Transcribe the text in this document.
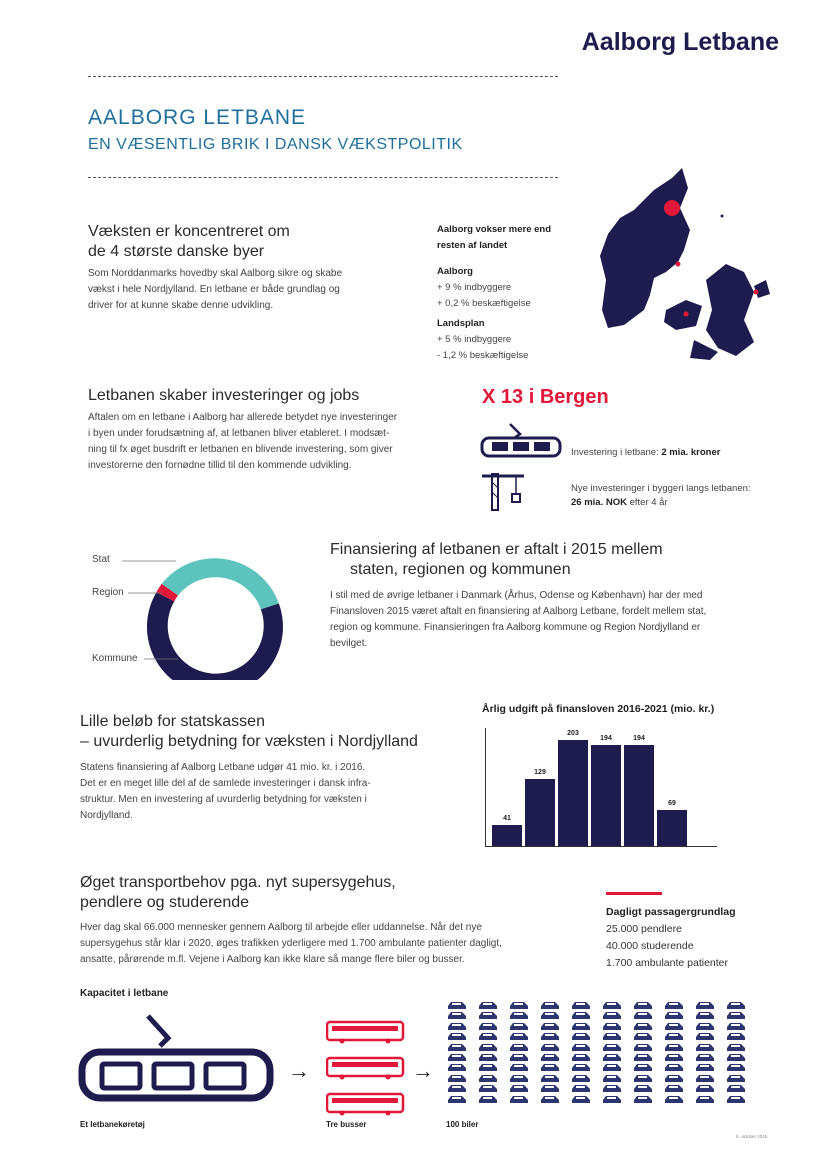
Aalborg Letbane
AALBORG LETBANE
EN VÆSENTLIG BRIK I DANSK VÆKSTPOLITIK
Væksten er koncentreret om
de 4 største danske byer
Som Norddanmarks hovedby skal Aalborg sikre og skabe
vækst i hele Nordjylland. En letbane er både grundlag og
driver for at kunne skabe denne udvikling.
Aalborg vokser mere end
resten af landet
Aalborg
+ 9 % indbyggere
+ 0,2 % beskæftigelse
Landsplan
+ 5 % indbyggere
- 1,2 % beskæftigelse
Letbanen skaber investeringer og jobs
Aftalen om en letbane i Aalborg har allerede betydet nye investeringer
i byen under forudsætning af, at letbanen bliver etableret. I modsæt-
ning til fx øget busdrift er letbanen en blivende investering, som giver
investorerne den fornødne tillid til den kommende udvikling.
X 13 i Bergen
Investering i letbane: 2 mia. kroner
Nye investeringer i byggeri langs letbanen:
26 mia. NOK efter 4 år
Stat
Region
Kommune
Finansiering af letbanen er aftalt i 2015 mellem
staten, regionen og kommunen
I stil med de øvrige letbaner i Danmark (Århus, Odense og København) har der med
Finansloven 2015 været aftalt en finansiering af Aalborg Letbane, fordelt mellem stat,
region og kommune. Finansieringen fra Aalborg kommune og Region Nordjylland er
bevilget.
Lille beløb for statskassen
– uvurderlig betydning for væksten i Nordjylland
Statens finansiering af Aalborg Letbane udgør 41 mio. kr. i 2016.
Det er en meget lille del af de samlede investeringer i dansk infra-
struktur. Men en investering af uvurderlig betydning for væksten i
Nordjylland.
Årlig udgift på finansloven 2016-2021 (mio. kr.)
41
129
203
194	194
69
Øget transportbehov pga. nyt supersygehus,
pendlere og studerende
Hver dag skal 66.000 mennesker gennem Aalborg til arbejde eller uddannelse. Når det nye
supersygehus står klar i 2020, øges trafikken yderligere med 1.700 ambulante patienter dagligt,
ansatte, pårørende m.fl. Vejene i Aalborg kan ikke klare så mange flere biler og busser.
Dagligt passagergrundlag
25.000 pendlere
40.000 studerende
1.700 ambulante patienter
Kapacitet i letbane
Et letbanekøretøj
→
Tre busser
→
100 biler
9. oktober 2015
